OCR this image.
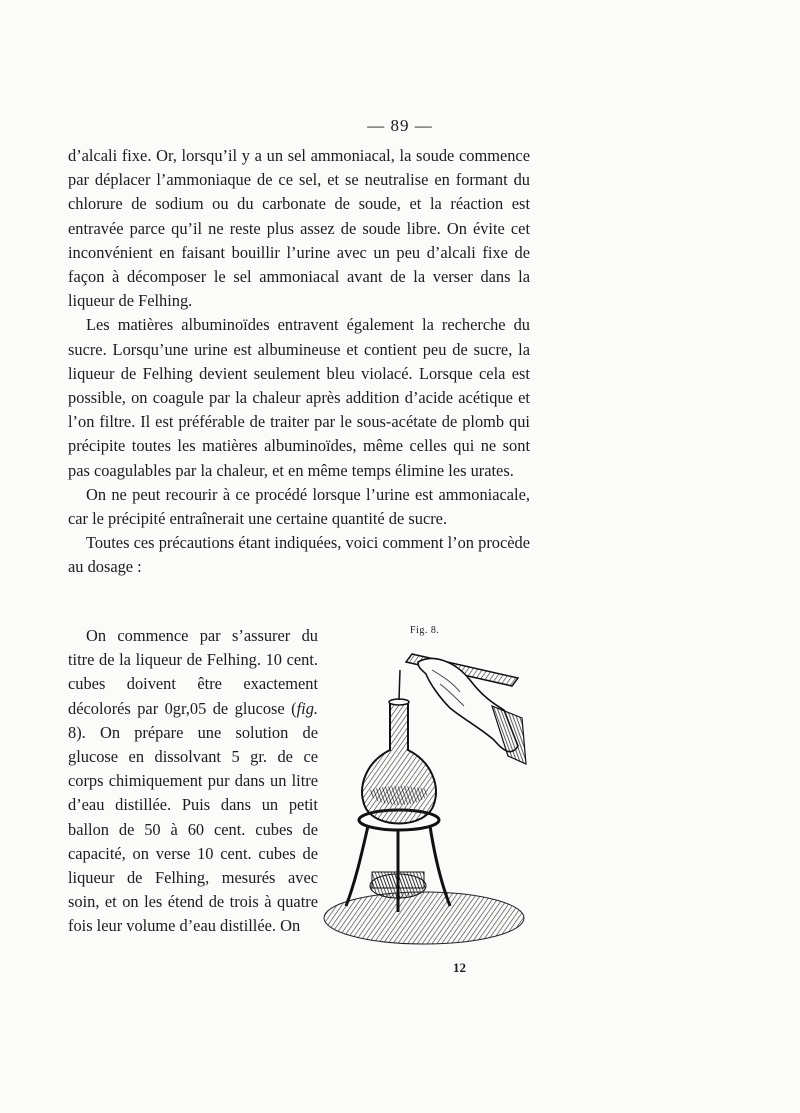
— 89 —

d’alcali fixe. Or, lorsqu’il y a un sel ammoniacal, la soude commence par déplacer l’ammoniaque de ce sel, et se neutralise en formant du chlorure de sodium ou du carbonate de soude, et la réaction est entravée parce qu’il ne reste plus assez de soude libre. On évite cet inconvénient en faisant bouillir l’urine avec un peu d’alcali fixe de façon à décomposer le sel ammoniacal avant de la verser dans la liqueur de Felhing.

Les matières albuminoïdes entravent également la recherche du sucre. Lorsqu’une urine est albumineuse et contient peu de sucre, la liqueur de Felhing devient seulement bleu violacé. Lorsque cela est possible, on coagule par la chaleur après addition d’acide acétique et l’on filtre. Il est préférable de traiter par le sous-acétate de plomb qui précipite toutes les matières albuminoïdes, même celles qui ne sont pas coagulables par la chaleur, et en même temps élimine les urates.

On ne peut recourir à ce procédé lorsque l’urine est ammoniacale, car le précipité entraînerait une certaine quantité de sucre.

Toutes ces précautions étant indiquées, voici comment l’on procède au dosage :

On commence par s’assurer du titre de la liqueur de Felhing. 10 cent. cubes doivent être exactement décolorés par 0gr,05 de glucose (fig. 8). On prépare une solution de glucose en dissolvant 5 gr. de ce corps chimiquement pur dans un litre d’eau distillée. Puis dans un petit ballon de 50 à 60 cent. cubes de capacité, on verse 10 cent. cubes de liqueur de Felhing, mesurés avec soin, et on les étend de trois à quatre fois leur volume d’eau distillée. On

Fig. 8.
12
